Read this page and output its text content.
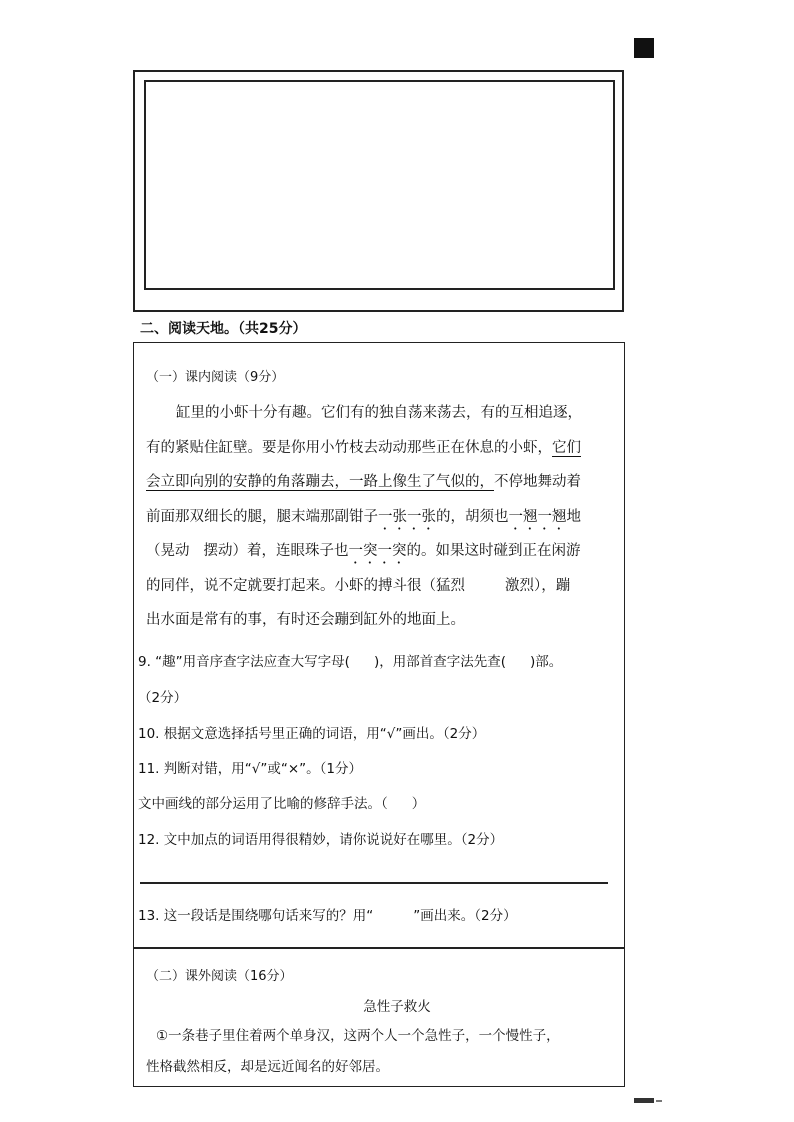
二、阅读天地。（共25分）
（一）课内阅读（9分）
缸里的小虾十分有趣。它们有的独自荡来荡去，有的互相追逐，
有的紧贴住缸壁。要是你用小竹枝去动动那些正在休息的小虾，它们
会立即向别的安静的角落蹦去，一路上像生了气似的，不停地舞动着
前面那双细长的腿，腿末端那副钳子一张一张的，胡须也一翘一翘地
（晃动 摆动）着，连眼珠子也一突一突的。如果这时碰到正在闲游
的同伴，说不定就要打起来。小虾的搏斗很（猛烈	激烈），蹦
出水面是常有的事，有时还会蹦到缸外的地面上。
9. “趣”用音序查字法应查大写字母( )，用部首查字法先查( )部。
（2分）
10. 根据文意选择括号里正确的词语，用“√”画出。（2分）
11. 判断对错，用“√”或“×”。（1分）
文中画线的部分运用了比喻的修辞手法。（ ）
12. 文中加点的词语用得很精妙，请你说说好在哪里。（2分）
13. 这一段话是围绕哪句话来写的？用“	”画出来。（2分）
（二）课外阅读（16分）
急性子救火
①一条巷子里住着两个单身汉，这两个人一个急性子，一个慢性子，
性格截然相反，却是远近闻名的好邻居。
